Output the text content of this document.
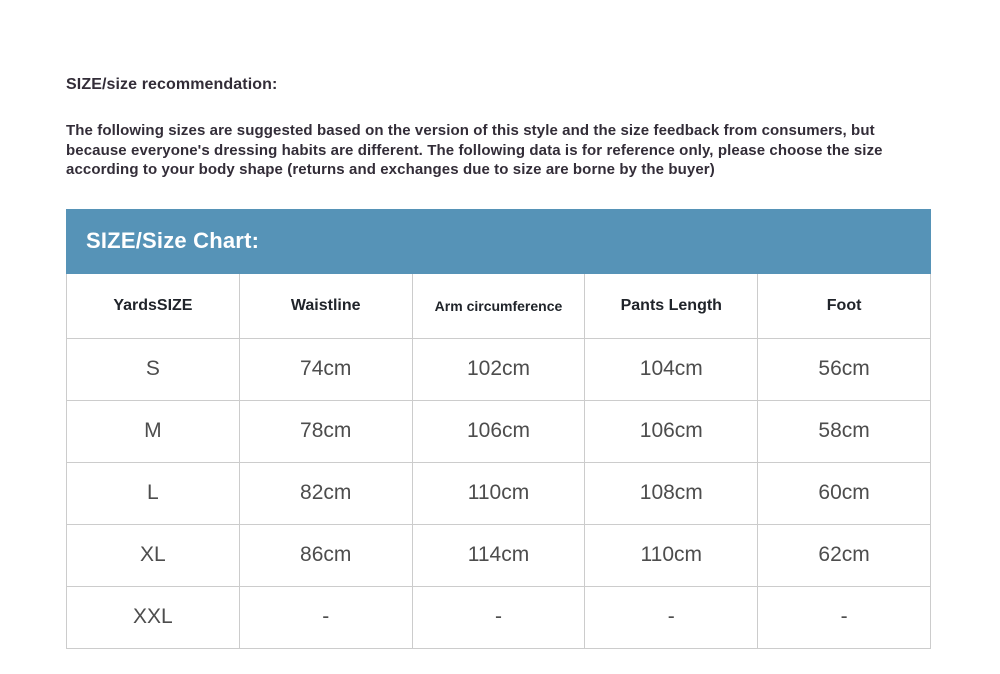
SIZE/size recommendation:
The following sizes are suggested based on the version of this style and the size feedback from consumers, but because everyone's dressing habits are different. The following data is for reference only, please choose the size according to your body shape (returns and exchanges due to size are borne by the buyer)
SIZE/Size Chart:
YardsSIZE	Waistline	Arm circumference	Pants Length	Foot
S	74cm	102cm	104cm	56cm
M	78cm	106cm	106cm	58cm
L	82cm	110cm	108cm	60cm
XL	86cm	114cm	110cm	62cm
XXL	-	-	-	-
